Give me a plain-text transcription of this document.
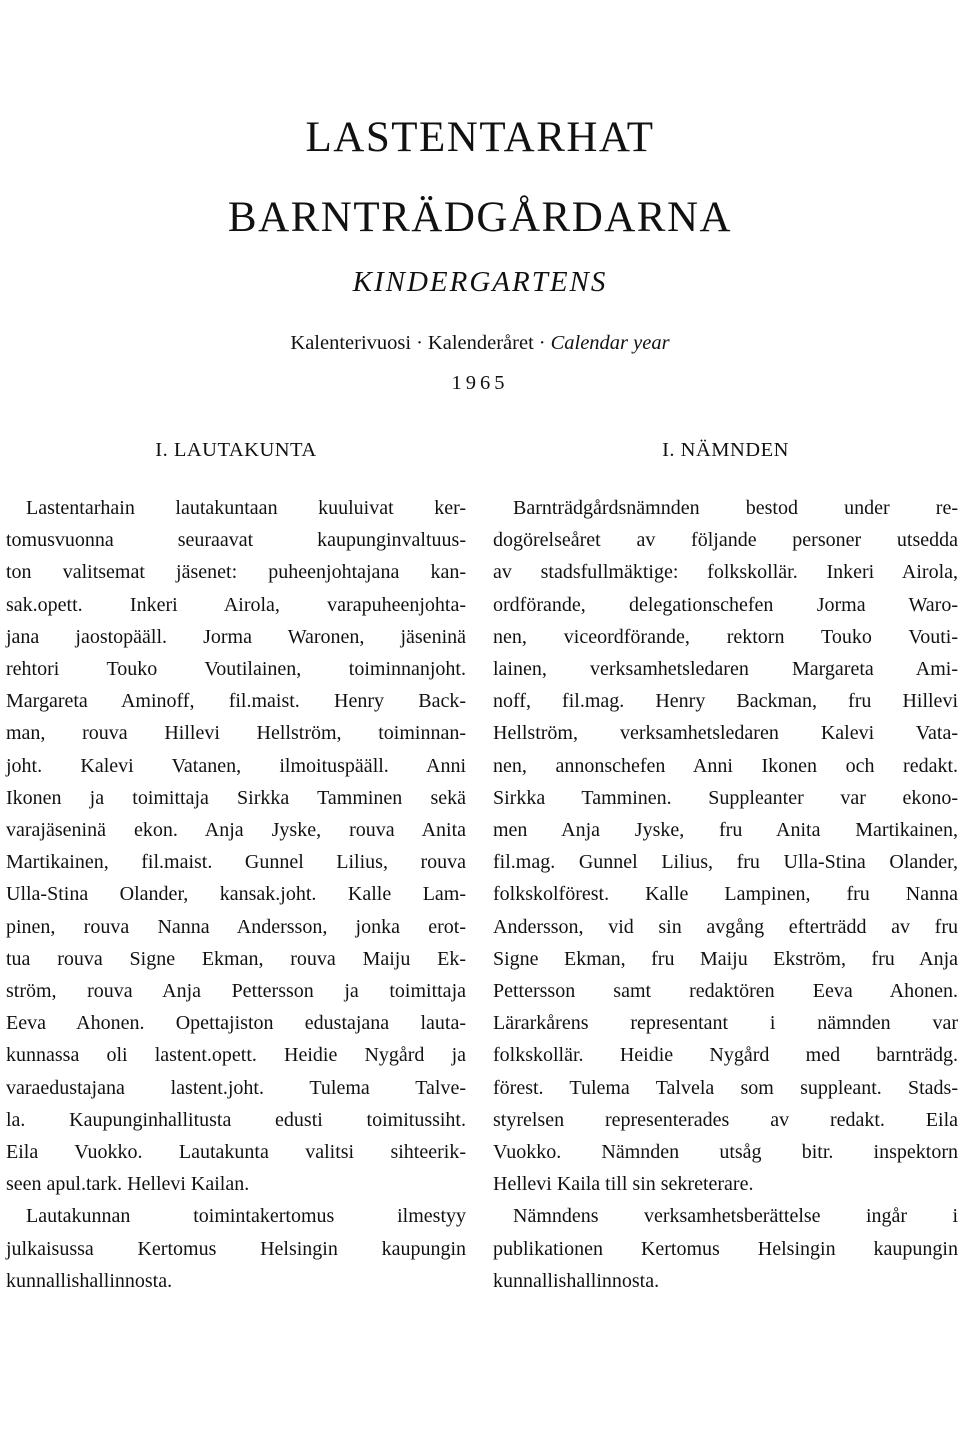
LASTENTARHAT
BARNTRÄDGÅRDARNA
KINDERGARTENS
Kalenterivuosi · Kalenderåret · Calendar year
1965
I. LAUTAKUNTA
Lastentarhain lautakuntaan kuuluivat ker-
tomusvuonna seuraavat kaupunginvaltuus-
ton valitsemat jäsenet: puheenjohtajana kan-
sak.opett. Inkeri Airola, varapuheenjohta-
jana jaostopääll. Jorma Waronen, jäseninä
rehtori Touko Voutilainen, toiminnanjoht.
Margareta Aminoff, fil.maist. Henry Back-
man, rouva Hillevi Hellström, toiminnan-
joht. Kalevi Vatanen, ilmoituspääll. Anni
Ikonen ja toimittaja Sirkka Tamminen sekä
varajäseninä ekon. Anja Jyske, rouva Anita
Martikainen, fil.maist. Gunnel Lilius, rouva
Ulla-Stina Olander, kansak.joht. Kalle Lam-
pinen, rouva Nanna Andersson, jonka erot-
tua rouva Signe Ekman, rouva Maiju Ek-
ström, rouva Anja Pettersson ja toimittaja
Eeva Ahonen. Opettajiston edustajana lauta-
kunnassa oli lastent.opett. Heidie Nygård ja
varaedustajana lastent.joht. Tulema Talve-
la. Kaupunginhallitusta edusti toimitussiht.
Eila Vuokko. Lautakunta valitsi sihteerik-
seen apul.tark. Hellevi Kailan.
Lautakunnan toimintakertomus ilmestyy
julkaisussa Kertomus Helsingin kaupungin
kunnallishallinnosta.
I. NÄMNDEN
Barnträdgårdsnämnden bestod under re-
dogörelseåret av följande personer utsedda
av stadsfullmäktige: folkskollär. Inkeri Airola,
ordförande, delegationschefen Jorma Waro-
nen, viceordförande, rektorn Touko Vouti-
lainen, verksamhetsledaren Margareta Ami-
noff, fil.mag. Henry Backman, fru Hillevi
Hellström, verksamhetsledaren Kalevi Vata-
nen, annonschefen Anni Ikonen och redakt.
Sirkka Tamminen. Suppleanter var ekono-
men Anja Jyske, fru Anita Martikainen,
fil.mag. Gunnel Lilius, fru Ulla-Stina Olander,
folkskolförest. Kalle Lampinen, fru Nanna
Andersson, vid sin avgång efterträdd av fru
Signe Ekman, fru Maiju Ekström, fru Anja
Pettersson samt redaktören Eeva Ahonen.
Lärarkårens representant i nämnden var
folkskollär. Heidie Nygård med barnträdg.
förest. Tulema Talvela som suppleant. Stads-
styrelsen representerades av redakt. Eila
Vuokko. Nämnden utsåg bitr. inspektorn
Hellevi Kaila till sin sekreterare.
Nämndens verksamhetsberättelse ingår i
publikationen Kertomus Helsingin kaupungin
kunnallishallinnosta.
